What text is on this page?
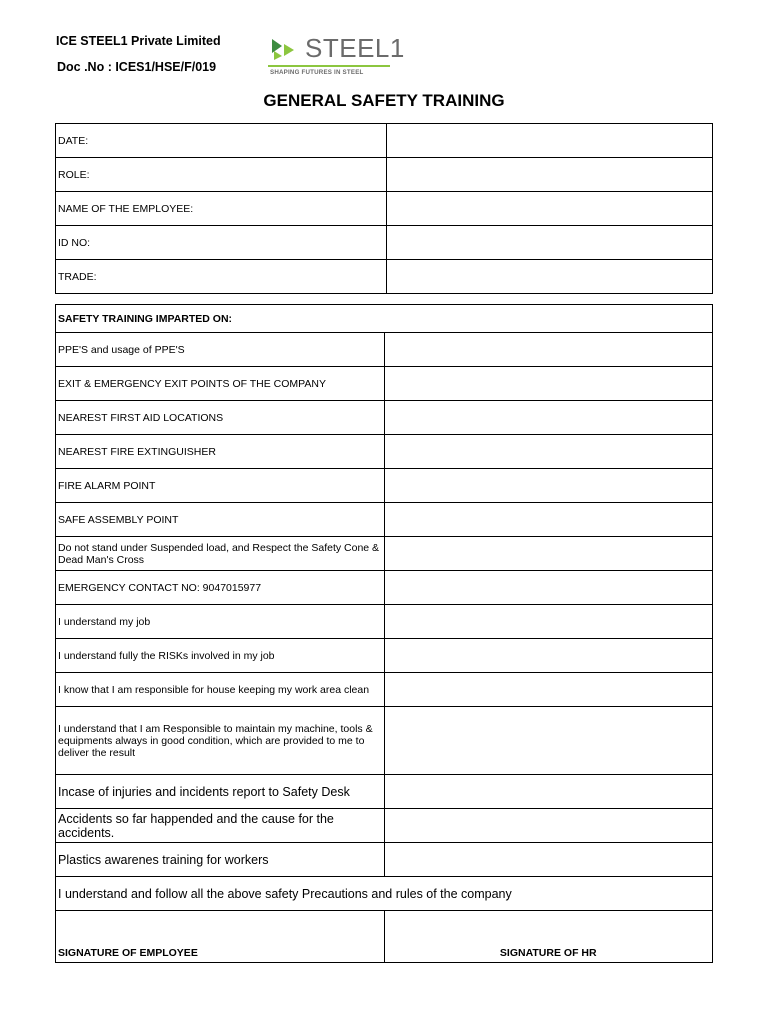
ICE STEEL1 Private Limited
Doc .No : ICES1/HSE/F/019
STEEL1
SHAPING FUTURES IN STEEL
GENERAL SAFETY TRAINING
DATE:	
ROLE:	
NAME OF THE EMPLOYEE:	
ID NO:	
TRADE:	
SAFETY TRAINING IMPARTED ON:	
PPE'S and usage of PPE'S	
EXIT & EMERGENCY EXIT POINTS OF THE COMPANY	
NEAREST FIRST AID LOCATIONS	
NEAREST FIRE EXTINGUISHER	
FIRE ALARM POINT	
SAFE ASSEMBLY POINT	
Do not stand under Suspended load, and Respect the Safety Cone & Dead Man's Cross	
EMERGENCY CONTACT NO: 9047015977	
I understand my job	
I understand fully the RISKs involved in my job	
I know that I am responsible for house keeping my work area clean	
I understand that I am Responsible to maintain my machine, tools & equipments always in good condition, which are provided to me to deliver the result	
Incase of injuries and incidents report to Safety Desk	
Accidents so far happended and the cause for the accidents.	
Plastics awarenes training for workers	
I understand and follow all the above safety Precautions and rules of the company	
SIGNATURE OF EMPLOYEE	SIGNATURE OF HR
